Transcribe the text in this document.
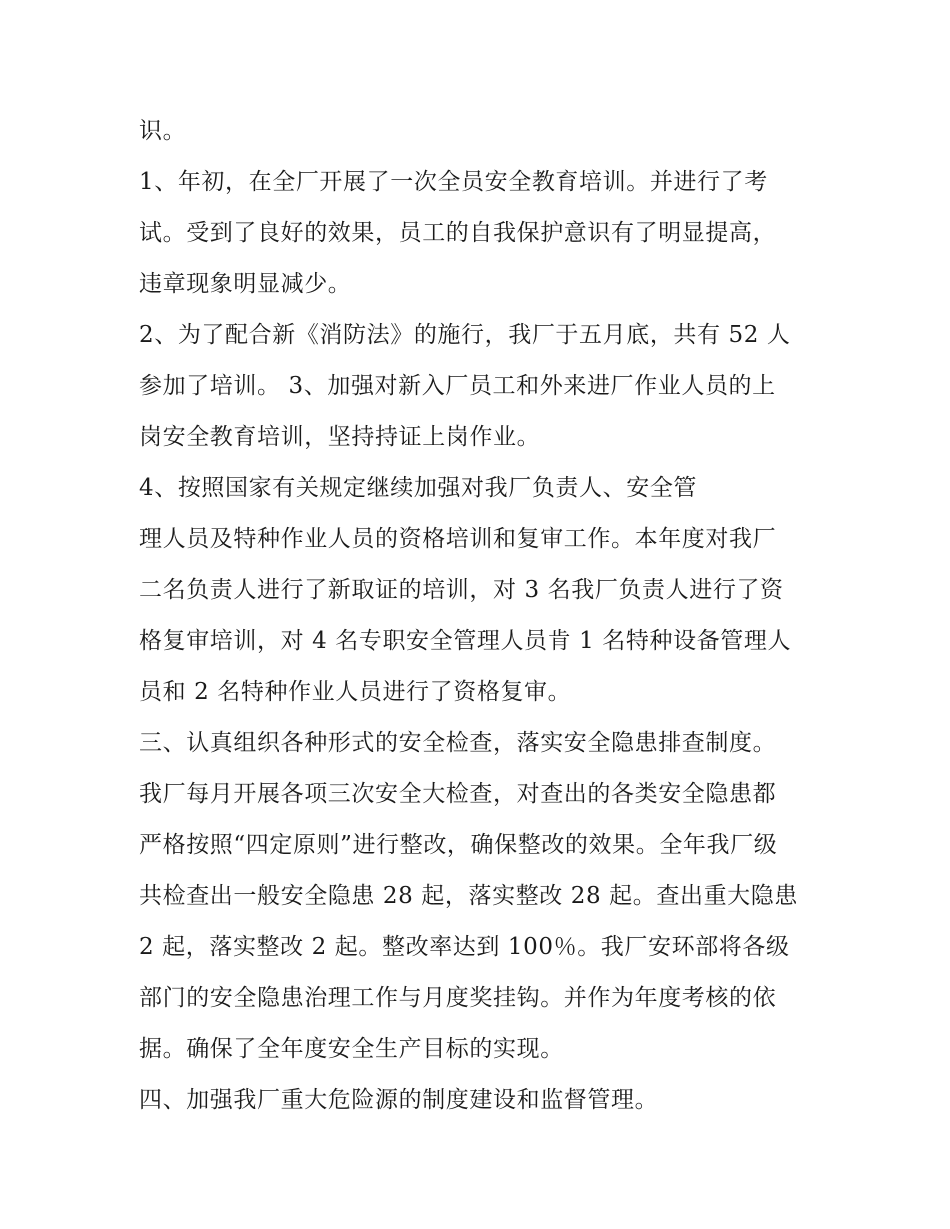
识。
1、年初，在全厂开展了一次全员安全教育培训。并进行了考
试。受到了良好的效果，员工的自我保护意识有了明显提高，
违章现象明显减少。
2、为了配合新《消防法》的施行，我厂于五月底，共有 52 人
参加了培训。 3、加强对新入厂员工和外来进厂作业人员的上
岗安全教育培训，坚持持证上岗作业。
4、按照国家有关规定继续加强对我厂负责人、安全管
理人员及特种作业人员的资格培训和复审工作。本年度对我厂
二名负责人进行了新取证的培训，对 3 名我厂负责人进行了资
格复审培训，对 4 名专职安全管理人员肯 1 名特种设备管理人
员和 2 名特种作业人员进行了资格复审。
三、认真组织各种形式的安全检查，落实安全隐患排查制度。
我厂每月开展各项三次安全大检查，对查出的各类安全隐患都
严格按照“四定原则”进行整改，确保整改的效果。全年我厂级
共检查出一般安全隐患 28 起，落实整改 28 起。查出重大隐患
2 起，落实整改 2 起。整改率达到 100％。我厂安环部将各级
部门的安全隐患治理工作与月度奖挂钩。并作为年度考核的依
据。确保了全年度安全生产目标的实现。
四、加强我厂重大危险源的制度建设和监督管理。
